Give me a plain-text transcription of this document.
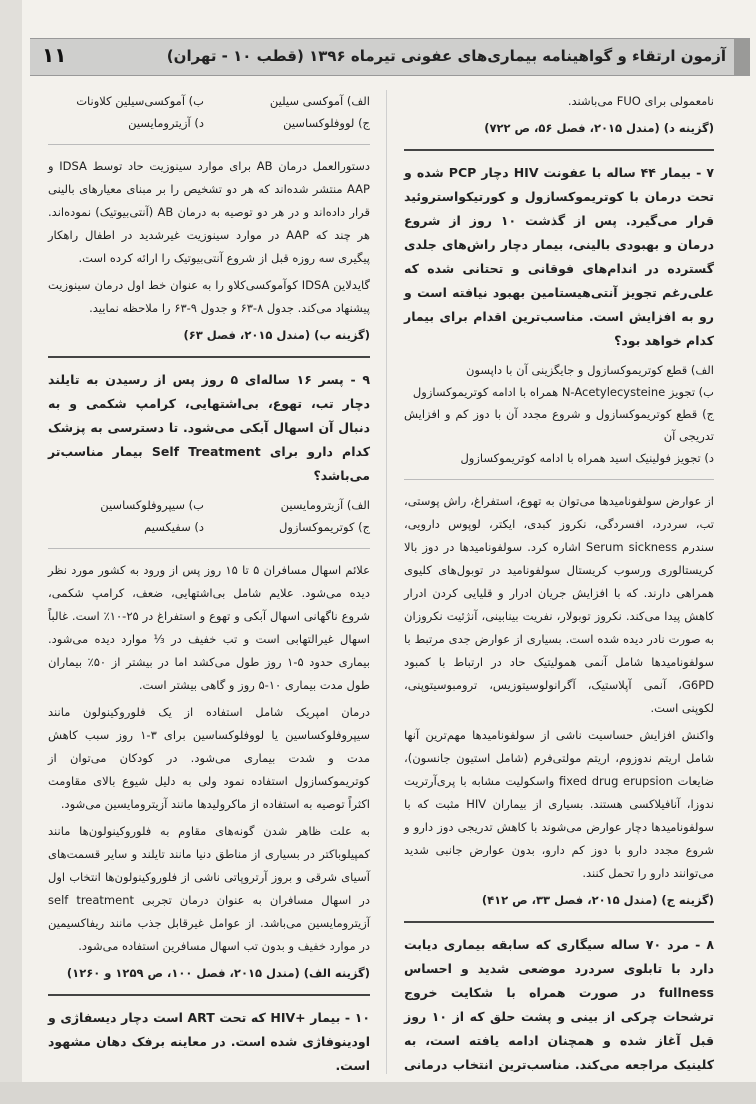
۱۱	آزمون ارتقاء و گواهینامه بیماری‌های عفونی تیرماه ۱۳۹۶ (قطب ۱۰ - تهران)

نامعمولی برای FUO می‌باشند.

(گزینه د) (مندل ۲۰۱۵، فصل ۵۶، ص ۷۲۲)

۷ - بیمار ۴۴ ساله با عفونت HIV دچار PCP شده و تحت درمان با کوتریموکسازول و کورتیکواستروئید قرار می‌گیرد. پس از گذشت ۱۰ روز از شروع درمان و بهبودی بالینی، بیمار دچار راش‌های جلدی گسترده در اندام‌های فوقانی و تحتانی شده که علی‌رغم تجویز آنتی‌هیستامین بهبود نیافته است و رو به افزایش است. مناسب‌ترین اقدام برای بیمار کدام خواهد بود؟

الف) قطع کوتریموکسازول و جایگزینی آن با داپسون

ب) تجویز N-Acetylecysteine همراه با ادامه کوتریموکسازول

ج) قطع کوتریموکسازول و شروع مجدد آن با دوز کم و افزایش تدریجی آن

د) تجویز فولینیک اسید همراه با ادامه کوتریموکسازول

از عوارض سولفونامیدها می‌توان به تهوع، استفراغ، راش پوستی، تب، سردرد، افسردگی، نکروز کبدی، ایکتر، لوپوس دارویی، سندرم Serum sickness اشاره کرد. سولفونامیدها در دوز بالا کریستالوری ورسوب کریستال سولفونامید در توبول‌های کلیوی همراهی دارند. که با افزایش جریان ادرار و قلیایی کردن ادرار کاهش پیدا می‌کند. نکروز توبولار، نفریت بینابینی، آنژئیت نکروزان به صورت نادر دیده شده است. بسیاری از عوارض جدی مرتبط با سولفونامیدها شامل آنمی همولیتیک حاد در ارتباط با کمبود G6PD، آنمی آپلاستیک، آگرانولوسیتوزیس، ترومبوسیتوپنی، لکوپنی است.

واکنش افزایش حساسیت ناشی از سولفونامیدها مهم‌ترین آنها شامل اریتم ندوزوم، اریتم مولتی‌فرم (شامل استیون جانسون)، ضایعات fixed drug erupsion واسکولیت مشابه با پری‌آرتریت ندوزا، آنافیلاکسی هستند. بسیاری از بیماران HIV مثبت که با سولفونامیدها دچار عوارض می‌شوند با کاهش تدریجی دوز دارو و شروع مجدد دارو با دوز کم دارو، بدون عوارض جانبی شدید می‌توانند دارو را تحمل کنند.

(گزینه ج) (مندل ۲۰۱۵، فصل ۳۳، ص ۴۱۲)

۸ - مرد ۷۰ ساله سیگاری که سابقه بیماری دیابت دارد با تابلوی سردرد موضعی شدید و احساس fullness در صورت همراه با شکایت خروج ترشحات چرکی از بینی و پشت حلق که از ۱۰ روز قبل آغاز شده و همچنان ادامه یافته است، به کلینیک مراجعه می‌کند. مناسب‌ترین انتخاب درمانی

الف) آموکسی سیلین

ب) آموکسی‌سیلین کلاونات

ج) لووفلوکساسین

د) آزیترومایسین

دستورالعمل درمان AB برای موارد سینوزیت حاد توسط IDSA و AAP منتشر شده‌اند که هر دو تشخیص را بر مبنای معیارهای بالینی قرار داده‌اند و در هر دو توصیه به درمان AB (آنتی‌بیوتیک) نموده‌اند. هر چند که AAP در موارد سینوزیت غیرشدید در اطفال راهکار پیگیری سه روزه قبل از شروع آنتی‌بیوتیک را ارائه کرده است.

گایدلاین IDSA کوآموکسی‌کلاو را به عنوان خط اول درمان سینوزیت پیشنهاد می‌کند. جدول ۸-۶۳ و جدول ۹-۶۳ را ملاحظه نمایید.

(گزینه ب) (مندل ۲۰۱۵، فصل ۶۳)

۹ - پسر ۱۶ ساله‌ای ۵ روز پس از رسیدن به تایلند دچار تب، تهوع، بی‌اشتهایی، کرامپ شکمی و به دنبال آن اسهال آبکی می‌شود. تا دسترسی به پزشک کدام دارو برای Self Treatment بیمار مناسب‌تر می‌باشد؟

الف) آزیترومایسین

ب) سیپروفلوکساسین

ج) کوتریموکسازول

د) سفیکسیم

علائم اسهال مسافران ۵ تا ۱۵ روز پس از ورود به کشور مورد نظر دیده می‌شود. علایم شامل بی‌اشتهایی، ضعف، کرامپ شکمی، شروع ناگهانی اسهال آبکی و تهوع و استفراغ در ۲۵-۱۰٪ است. غالباً اسهال غیرالتهابی است و تب خفیف در ⅓ موارد دیده می‌شود. بیماری حدود ۵-۱ روز طول می‌کشد اما در بیشتر از ۵۰٪ بیماران طول مدت بیماری ۱۰-۵ روز و گاهی بیشتر است.

درمان امپریک شامل استفاده از یک فلوروکینولون مانند سیپروفلوکساسین یا لووفلوکساسین برای ۳-۱ روز سبب کاهش مدت و شدت بیماری می‌شود. در کودکان می‌توان از کوتریموکسازول استفاده نمود ولی به دلیل شیوع بالای مقاومت اکثراً توصیه به استفاده از ماکرولیدها مانند آزیترومایسین می‌شود.

به علت ظاهر شدن گونه‌های مقاوم به فلوروکینولون‌ها مانند کمپیلوباکتر در بسیاری از مناطق دنیا مانند تایلند و سایر قسمت‌های آسیای شرقی و بروز آرتروپاتی ناشی از فلوروکینولون‌ها انتخاب اول در اسهال مسافران به عنوان درمان تجربی self treatment آزیترومایسین می‌باشد. از عوامل غیرقابل جذب مانند ریفاکسیمین در موارد خفیف و بدون تب اسهال مسافرین استفاده می‌شود.

(گزینه الف) (مندل ۲۰۱۵، فصل ۱۰۰، ص ۱۲۵۹ و ۱۲۶۰)

۱۰ - بیمار +HIV که تحت ART است دچار دیسفاژی و اودینوفاژی شده است. در معاینه برفک دهان مشهود است.
